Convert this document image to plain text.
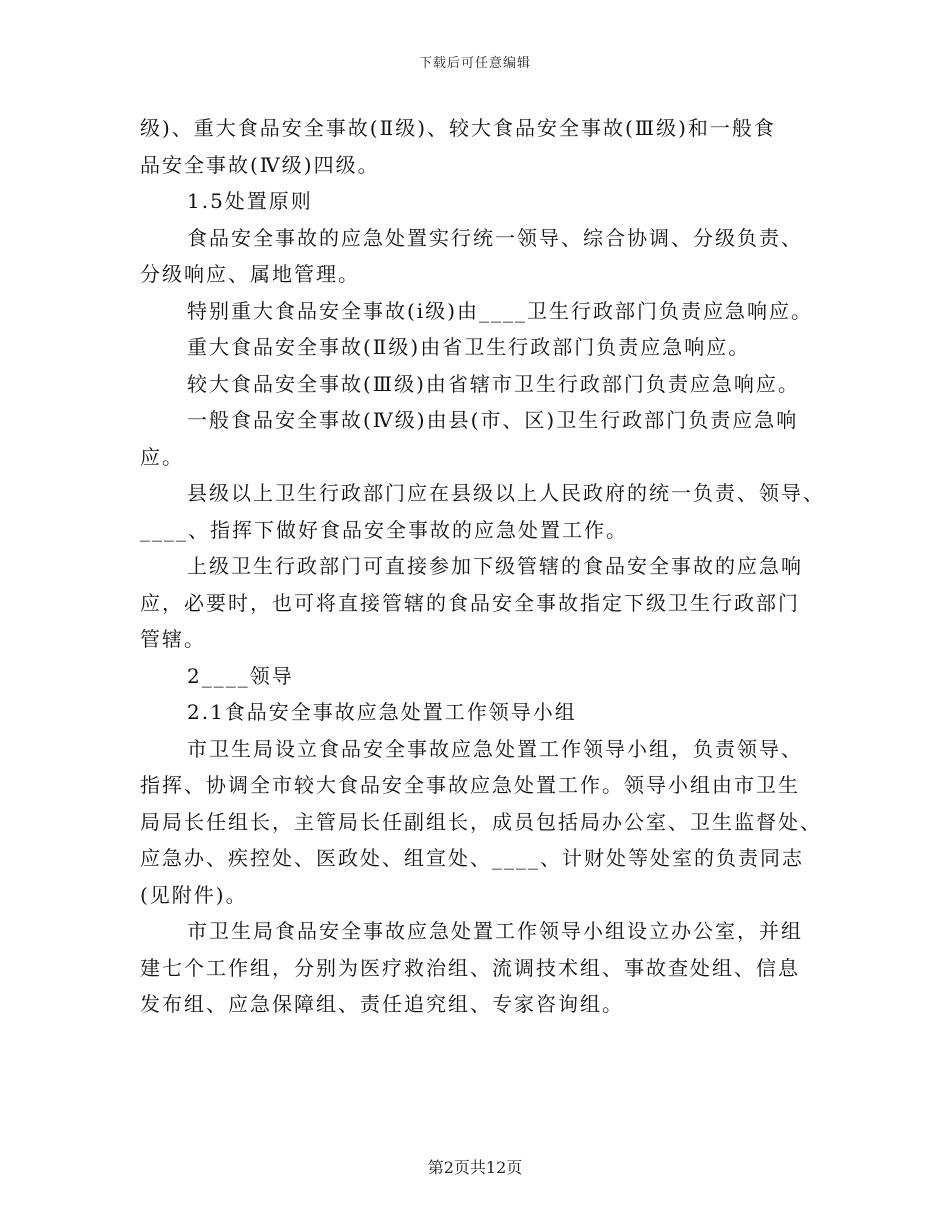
下载后可任意编辑
级)、重大食品安全事故(Ⅱ级)、较大食品安全事故(Ⅲ级)和一般食
品安全事故(Ⅳ级)四级。
1.5处置原则
食品安全事故的应急处置实行统一领导、综合协调、分级负责、
分级响应、属地管理。
特别重大食品安全事故(i级)由____卫生行政部门负责应急响应。
重大食品安全事故(Ⅱ级)由省卫生行政部门负责应急响应。
较大食品安全事故(Ⅲ级)由省辖市卫生行政部门负责应急响应。
一般食品安全事故(Ⅳ级)由县(市、区)卫生行政部门负责应急响
应。
县级以上卫生行政部门应在县级以上人民政府的统一负责、领导、
____、指挥下做好食品安全事故的应急处置工作。
上级卫生行政部门可直接参加下级管辖的食品安全事故的应急响
应，必要时，也可将直接管辖的食品安全事故指定下级卫生行政部门
管辖。
2____领导
2.1食品安全事故应急处置工作领导小组
市卫生局设立食品安全事故应急处置工作领导小组，负责领导、
指挥、协调全市较大食品安全事故应急处置工作。领导小组由市卫生
局局长任组长，主管局长任副组长，成员包括局办公室、卫生监督处、
应急办、疾控处、医政处、组宣处、____、计财处等处室的负责同志
(见附件)。
市卫生局食品安全事故应急处置工作领导小组设立办公室，并组
建七个工作组，分别为医疗救治组、流调技术组、事故查处组、信息
发布组、应急保障组、责任追究组、专家咨询组。
第2页共12页
